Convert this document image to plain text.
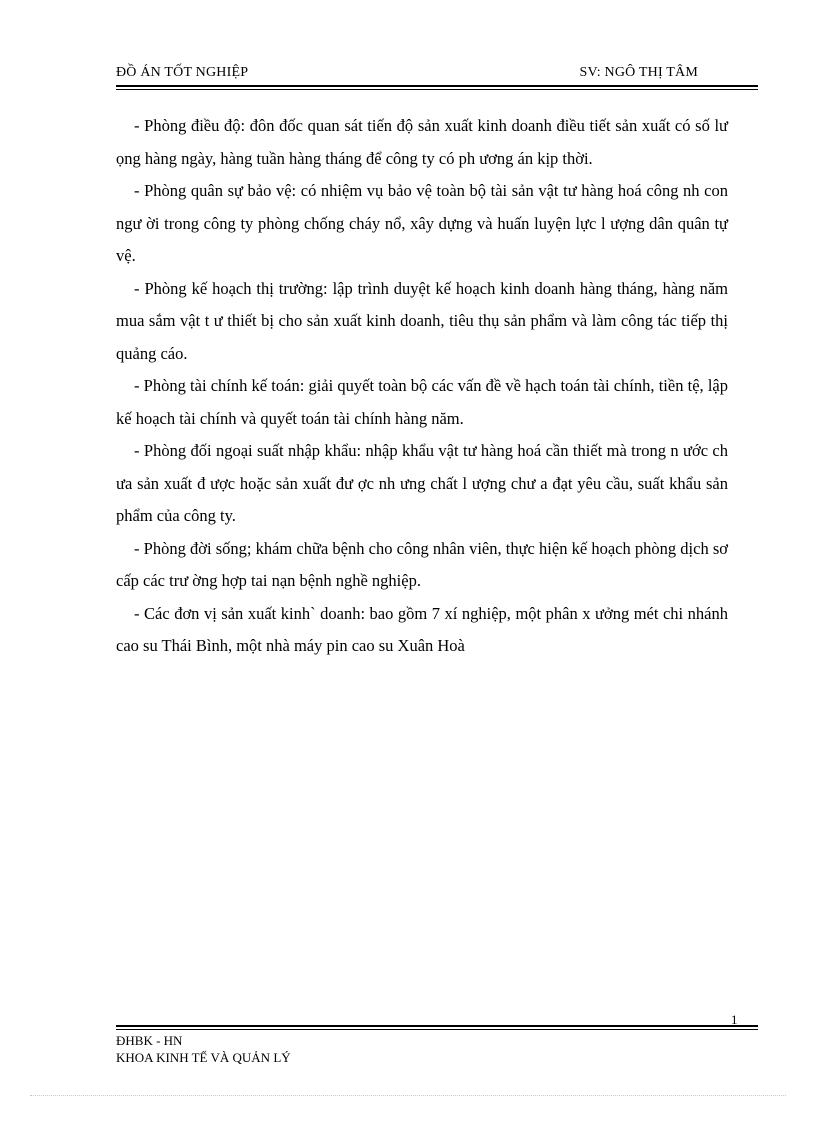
ĐỒ ÁN TỐT NGHIỆP	SV: NGÔ THỊ TÂM

- Phòng điều độ: đôn đốc quan sát tiến độ sản xuất kinh doanh điều tiết sản xuất có số lư ọng hàng ngày, hàng tuần hàng tháng để công ty có ph ương án kịp thời.

- Phòng quân sự bảo vệ: có nhiệm vụ bảo vệ toàn bộ tài sản vật tư hàng hoá công nh con ngư ời trong công ty phòng chống cháy nổ, xây dựng và huấn luyện lực l ượng dân quân tự vệ.

- Phòng kế hoạch thị trường: lập trình duyệt kế hoạch kinh doanh hàng tháng, hàng năm mua sắm vật t ư thiết bị cho sản xuất kinh doanh, tiêu thụ sản phẩm và làm công tác tiếp thị quảng cáo.

- Phòng tài chính kế toán: giải quyết toàn bộ các vấn đề về hạch toán tài chính, tiền tệ, lập kế hoạch tài chính và quyết toán tài chính hàng năm.

- Phòng đối ngoại suất nhập khẩu: nhập khẩu vật tư hàng hoá cần thiết mà trong n ước ch ưa sản xuất đ ược hoặc sản xuất đư ợc nh ưng chất l ượng chư a đạt yêu cầu, suất khẩu sản phẩm của công ty.

- Phòng đời sống; khám chữa bệnh cho công nhân viên, thực hiện kế hoạch phòng dịch sơ cấp các trư ờng hợp tai nạn bệnh nghề nghiệp.

- Các đơn vị sản xuất kinh` doanh: bao gồm 7 xí nghiệp, một phân x ưởng mét chi nhánh cao su Thái Bình, một nhà máy pin cao su Xuân Hoà

1
ĐHBK - HN
KHOA KINH TẾ VÀ QUẢN LÝ
